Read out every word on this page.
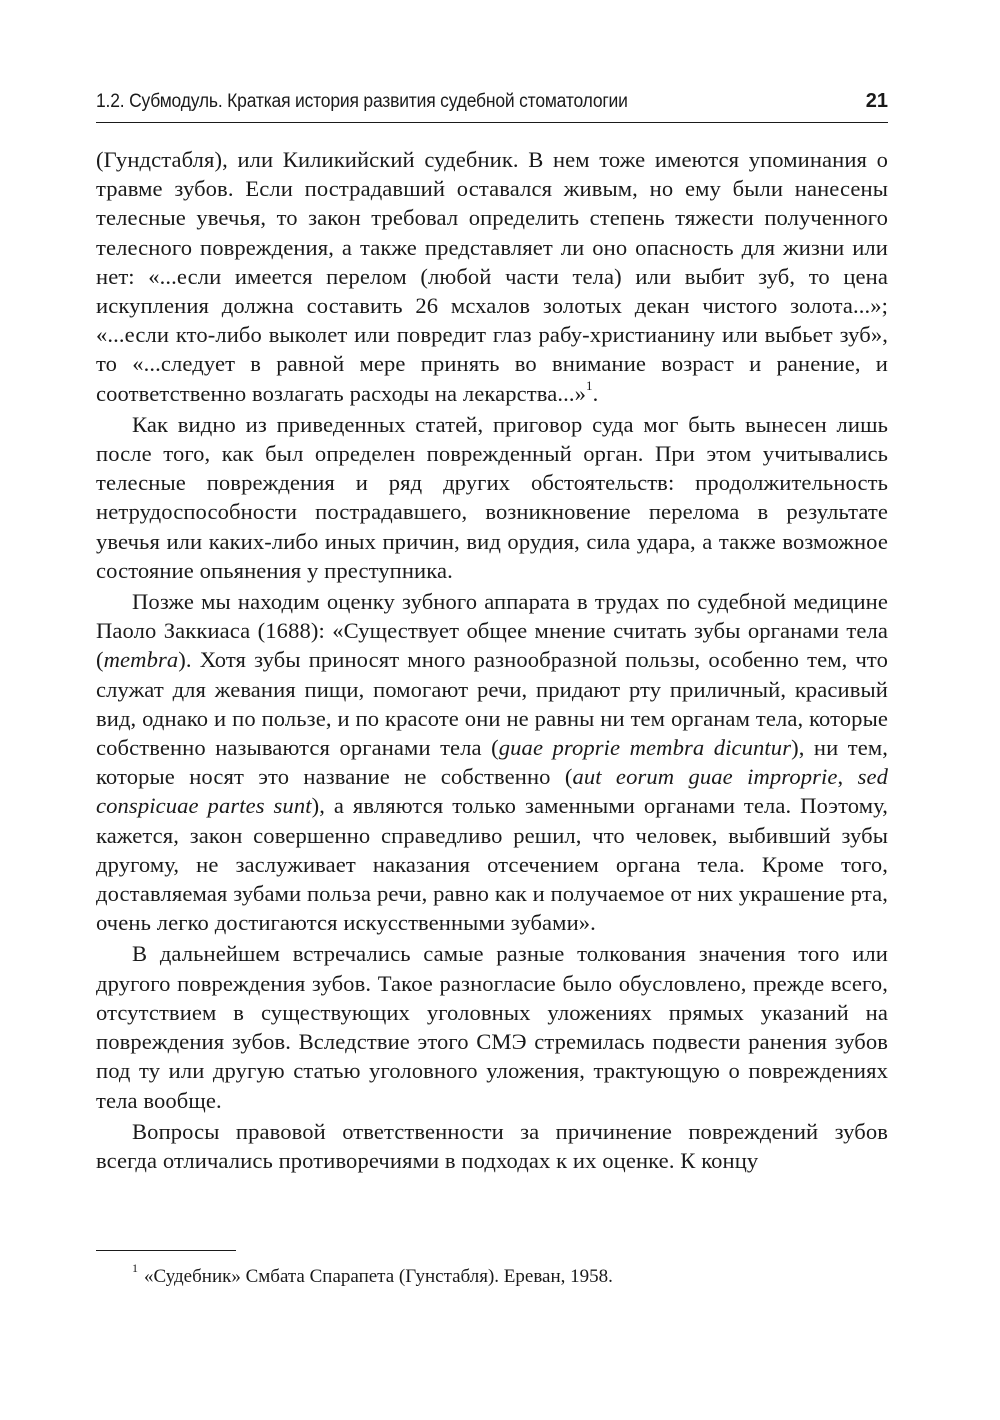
1.2. Субмодуль. Краткая история развития судебной стоматологии	21

(Гундстабля), или Киликийский судебник. В нем тоже имеются упоминания о травме зубов. Если пострадавший оставался живым, но ему были нанесены телесные увечья, то закон требовал определить степень тяжести полученного телесного повреждения, а также представляет ли оно опасность для жизни или нет: «...если имеется перелом (любой части тела) или выбит зуб, то цена искупления должна составить 26 мсхалов золотых декан чистого золота...»; «...если кто-либо выколет или повредит глаз рабу-христианину или выбьет зуб», то «...следует в равной мере принять во внимание возраст и ранение, и соответственно возлагать расходы на лекарства...»$^1$.

Как видно из приведенных статей, приговор суда мог быть вынесен лишь после того, как был определен поврежденный орган. При этом учитывались телесные повреждения и ряд других обстоятельств: продолжительность нетрудоспособности пострадавшего, возникновение перелома в результате увечья или каких-либо иных причин, вид орудия, сила удара, а также возможное состояние опьянения у преступника.

Позже мы находим оценку зубного аппарата в трудах по судебной медицине Паоло Заккиаса (1688): «Существует общее мнение считать зубы органами тела (membra). Хотя зубы приносят много разнообразной пользы, особенно тем, что служат для жевания пищи, помогают речи, придают рту приличный, красивый вид, однако и по пользе, и по красоте они не равны ни тем органам тела, которые собственно называются органами тела (guae proprie membra dicuntur), ни тем, которые носят это название не собственно (aut eorum guae improprie, sed conspicuae partes sunt), а являются только заменными органами тела. Поэтому, кажется, закон совершенно справедливо решил, что человек, выбивший зубы другому, не заслуживает наказания отсечением органа тела. Кроме того, доставляемая зубами польза речи, равно как и получаемое от них украшение рта, очень легко достигаются искусственными зубами».

В дальнейшем встречались самые разные толкования значения того или другого повреждения зубов. Такое разногласие было обусловлено, прежде всего, отсутствием в существующих уголовных уложениях прямых указаний на повреждения зубов. Вследствие этого СМЭ стремилась подвести ранения зубов под ту или другую статью уголовного уложения, трактующую о повреждениях тела вообще.

Вопросы правовой ответственности за причинение повреждений зубов всегда отличались противоречиями в подходах к их оценке. К концу

$^1$ «Судебник» Смбата Спарапета (Гунстабля). Ереван, 1958.
